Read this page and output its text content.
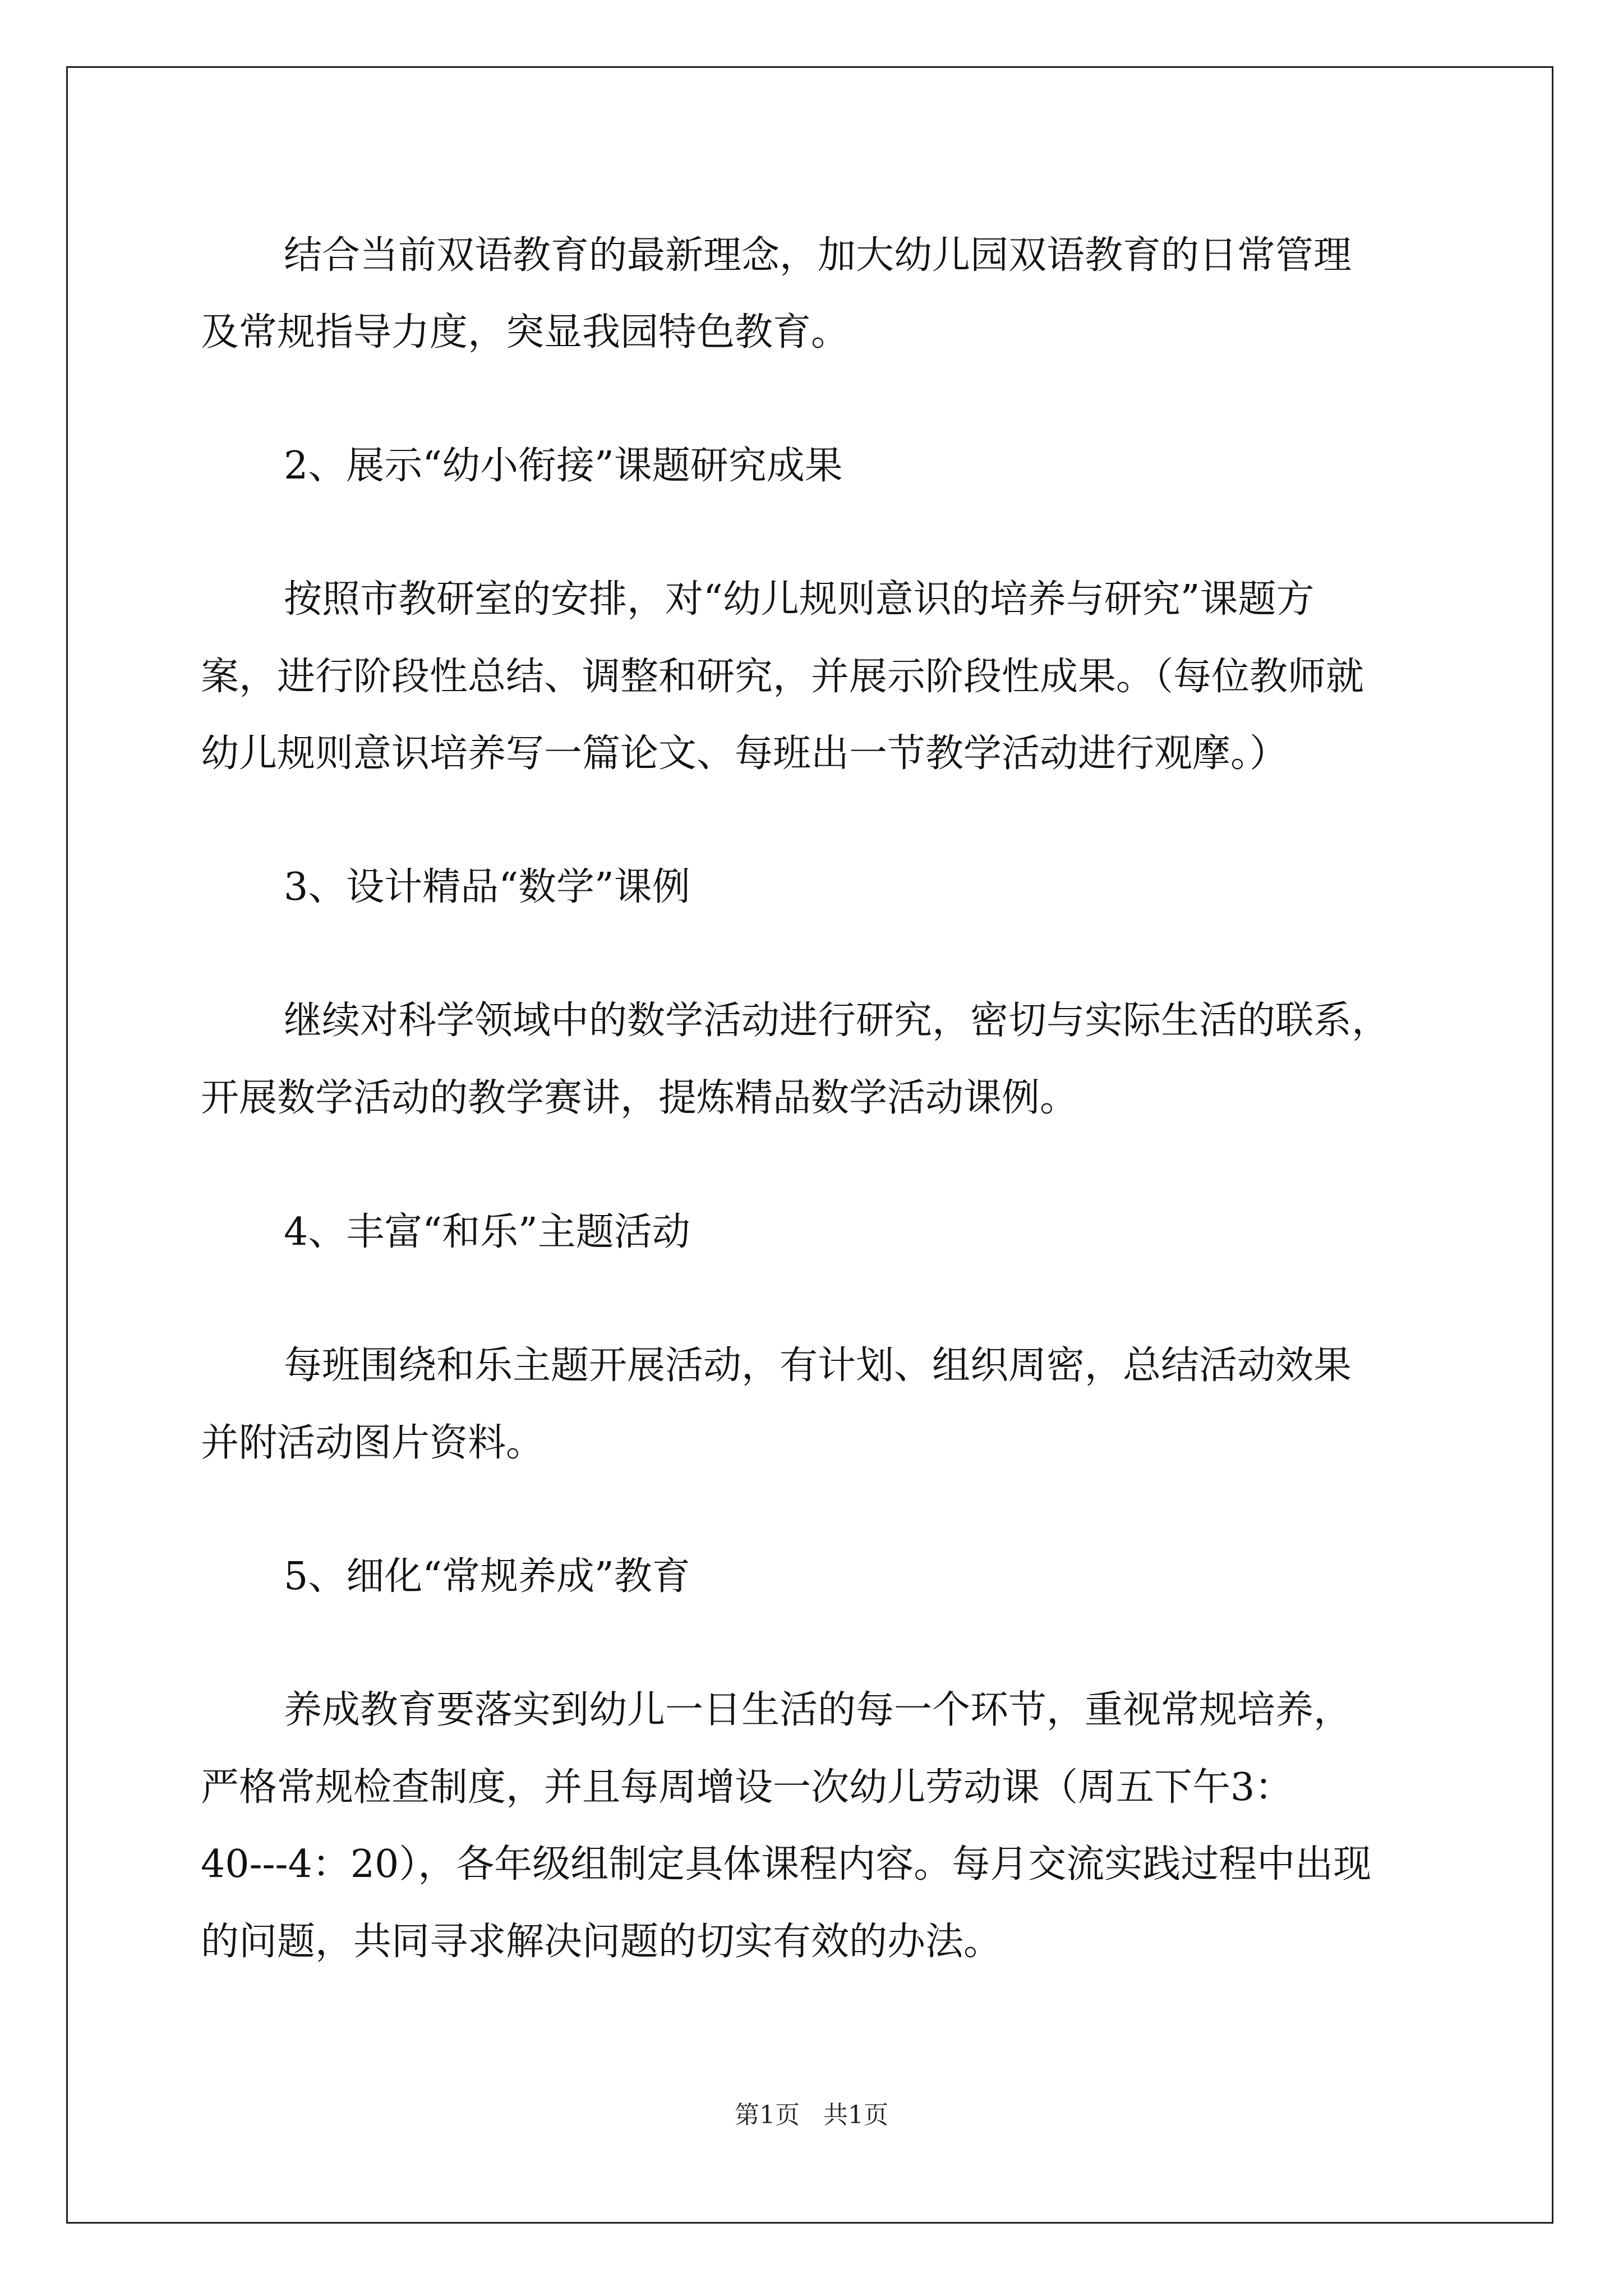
结合当前双语教育的最新理念，加大幼儿园双语教育的日常管理
及常规指导力度，突显我园特色教育。
2、展示“幼小衔接”课题研究成果
按照市教研室的安排，对“幼儿规则意识的培养与研究”课题方
案，进行阶段性总结、调整和研究，并展示阶段性成果。（每位教师就
幼儿规则意识培养写一篇论文、每班出一节教学活动进行观摩。）
3、设计精品“数学”课例
继续对科学领域中的数学活动进行研究，密切与实际生活的联系，
开展数学活动的教学赛讲，提炼精品数学活动课例。
4、丰富“和乐”主题活动
每班围绕和乐主题开展活动，有计划、组织周密，总结活动效果
并附活动图片资料。
5、细化“常规养成”教育
养成教育要落实到幼儿一日生活的每一个环节，重视常规培养，
严格常规检查制度，并且每周增设一次幼儿劳动课（周五下午3：
40---4：20），各年级组制定具体课程内容。每月交流实践过程中出现
的问题，共同寻求解决问题的切实有效的办法。
第1页   共1页
